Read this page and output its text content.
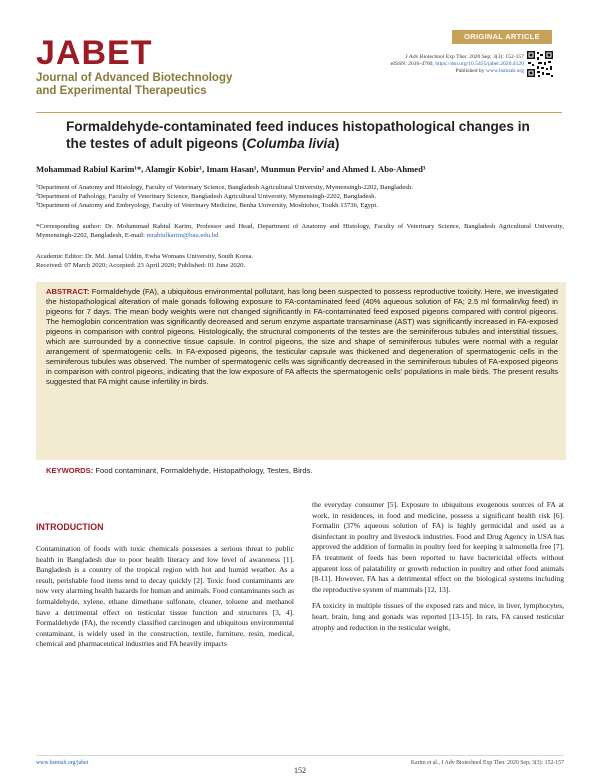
JABET
Journal of Advanced Biotechnology
and Experimental Therapeutics
ORIGINAL ARTICLE
J Adv Biotechnol Exp Ther. 2020 Sep; 3(3): 152-157
eISSN: 2616-4760, https://doi.org/10.5455/jabet.2020.d120
Published by www.bsmiab.org
Formaldehyde-contaminated feed induces histopathological changes in the testes of adult pigeons (Columba livia)
Mohammad Rabiul Karim¹*, Alamgir Kobir¹, Imam Hasan¹, Munmun Pervin² and Ahmed I. Abo-Ahmed³
¹Department of Anatomy and Histology, Faculty of Veterinary Science, Bangladesh Agricultural University, Mymensingh-2202, Bangladesh.
²Department of Pathology, Faculty of Veterinary Science, Bangladesh Agricultural University, Mymensingh-2202, Bangladesh.
³Department of Anatomy and Embryology, Faculty of Veterinary Medicine, Benha University, Moshtohor, Toukh 13736, Egypt.
*Corresponding author: Dr. Mohammad Rabiul Karim, Professor and Head, Department of Anatomy and Histology, Faculty of Veterinary Science, Bangladesh Agricultural University, Mymensingh-2202, Bangladesh, E-mail: mrabiulkarim@bau.edu.bd
Academic Editor: Dr. Md. Jamal Uddin, Ewha Womans University, South Korea.
Received: 07 March 2020; Accepted: 23 April 2020; Published: 01 June 2020.
ABSTRACT: Formaldehyde (FA), a ubiquitous environmental pollutant, has long been suspected to possess reproductive toxicity. Here, we investigated the histopathological alteration of male gonads following exposure to FA-contaminated feed (40% aqueous solution of FA; 2.5 ml formalin/kg feed) in pigeons for 7 days. The mean body weights were not changed significantly in FA-contaminated feed exposed pigeons compared with control pigeons. The hemoglobin concentration was significantly decreased and serum enzyme aspartate transaminase (AST) was significantly increased in FA-exposed pigeons in comparison with control pigeons. Histologically, the structural components of the testes are the seminiferous tubules and interstitial tissues, which are surrounded by a connective tissue capsule. In control pigeons, the size and shape of seminiferous tubules were normal with a regular arrangement of spermatogenic cells. In FA-exposed pigeons, the testicular capsule was thickened and degeneration of spermatogenic cells in the seminiferous tubules was observed. The number of spermatogenic cells was significantly decreased in the seminiferous tubules of FA-exposed pigeons in comparison with control pigeons, indicating that the low exposure of FA affects the spermatogenic cells' populations in male birds. The present results suggested that FA might cause infertility in birds.
KEYWORDS: Food contaminant, Formaldehyde, Histopathology, Testes, Birds.
INTRODUCTION

Contamination of foods with toxic chemicals possesses a serious threat to public health in Bangladesh due to poor health literacy and low level of awareness [1]. Bangladesh is a country of the tropical region with hot and humid weather. As a result, perishable food items tend to decay quickly [2]. Toxic food contaminants are now very alarming health hazards for human and animals. Food contaminants such as formaldehyde, xylene, ethane dimethane sulfonate, cleaner, toluene and methanol have a detrimental effect on testicular tissue function and structures [3, 4]. Formaldehyde (FA), the recently classified carcinogen and ubiquitous environmental contaminant, is widely used in the construction, textile, furniture, resin, medical, chemical and pharmaceutical industries and FA heavily impacts

the everyday consumer [5]. Exposure to ubiquitous exogenous sources of FA at work, in residences, in food and medicine, possess a significant health risk [6]. Formalin (37% aqueous solution of FA) is highly germicidal and used as a disinfectant in poultry and livestock industries. Food and Drug Agency in USA has approved the addition of formalin in poultry feed for keeping it salmonella free [7]. FA treatment of feeds has been reported to have bactericidal effects without apparent loss of palatability or growth reduction in poultry and other food animals [8-11]. However, FA has a detrimental effect on the biological systems including the reproductive system of mammals [12, 13].

FA toxicity in multiple tissues of the exposed rats and mice, in liver, lymphocytes, heart, brain, lung and gonads was reported [13-15]. In rats, FA caused testicular atrophy and reduction in the testicular weight,

www.bsmiab.org/jabet	Karim et al., J Adv Biotechnol Exp Ther. 2020 Sep; 3(3): 152-157
152
